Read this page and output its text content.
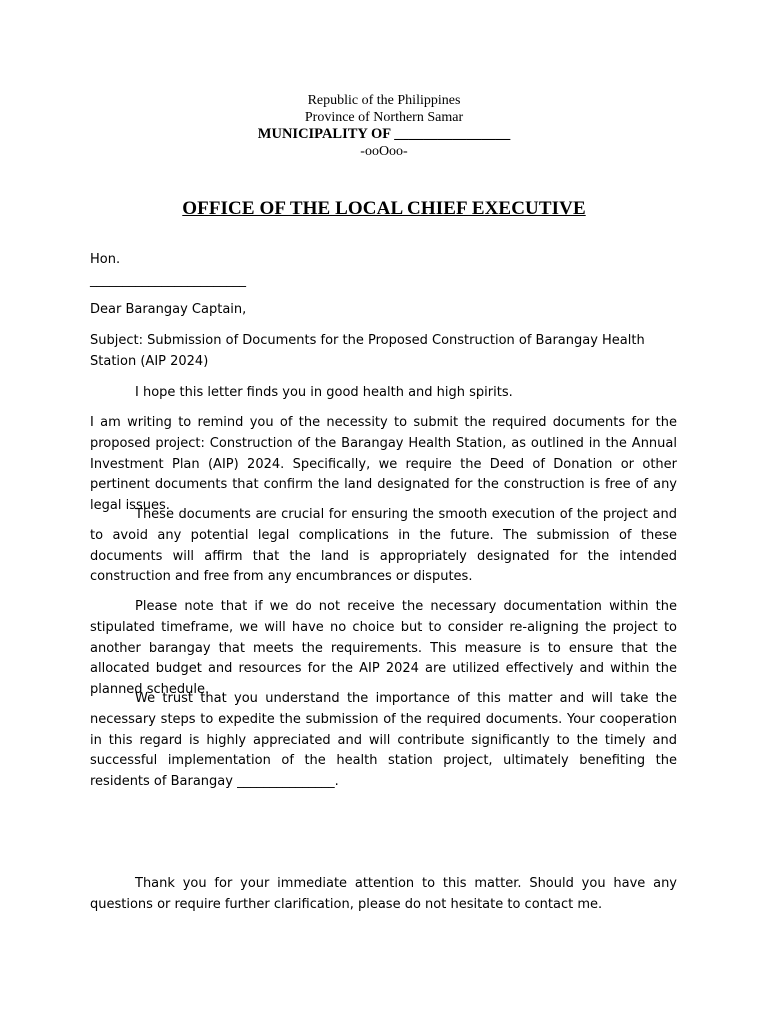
Republic of the Philippines
Province of Northern Samar
MUNICIPALITY OF ________________
-ooOoo-
OFFICE OF THE LOCAL CHIEF EXECUTIVE
Hon.
________________________
Dear Barangay Captain,
Subject: Submission of Documents for the Proposed Construction of Barangay Health Station (AIP 2024)
I hope this letter finds you in good health and high spirits.

I am writing to remind you of the necessity to submit the required documents for the proposed project: Construction of the Barangay Health Station, as outlined in the Annual Investment Plan (AIP) 2024. Specifically, we require the Deed of Donation or other pertinent documents that confirm the land designated for the construction is free of any legal issues.

These documents are crucial for ensuring the smooth execution of the project and to avoid any potential legal complications in the future. The submission of these documents will affirm that the land is appropriately designated for the intended construction and free from any encumbrances or disputes.

Please note that if we do not receive the necessary documentation within the stipulated timeframe, we will have no choice but to consider re-aligning the project to another barangay that meets the requirements. This measure is to ensure that the allocated budget and resources for the AIP 2024 are utilized effectively and within the planned schedule.

We trust that you understand the importance of this matter and will take the necessary steps to expedite the submission of the required documents. Your cooperation in this regard is highly appreciated and will contribute significantly to the timely and successful implementation of the health station project, ultimately benefiting the residents of Barangay _______________.

Thank you for your immediate attention to this matter. Should you have any questions or require further clarification, please do not hesitate to contact me.
